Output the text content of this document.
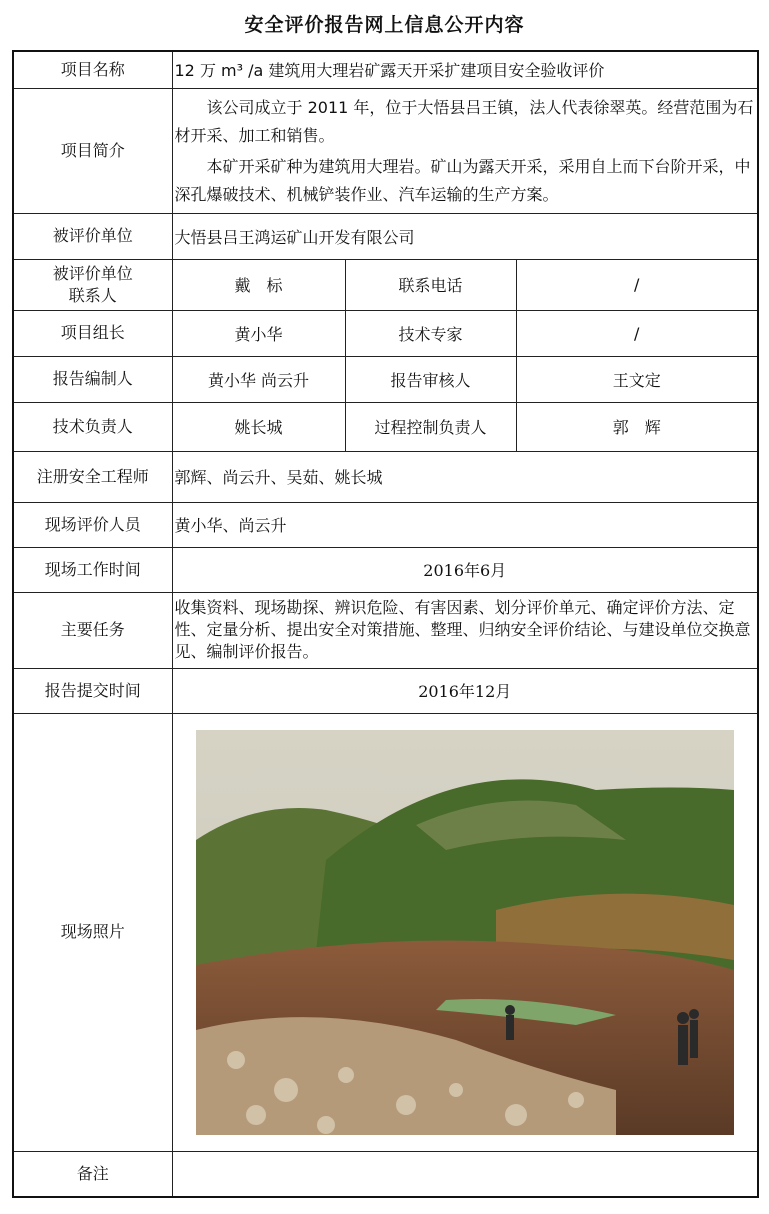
安全评价报告网上信息公开内容
项目名称	12 万 m³ /a 建筑用大理岩矿露天开采扩建项目安全验收评价		
项目简介	该公司成立于 2011 年，位于大悟县吕王镇，法人代表徐翠英。经营范围为石材开采、加工和销售。

本矿开采矿种为建筑用大理岩。矿山为露天开采，采用自上而下台阶开采，中深孔爆破技术、机械铲装作业、汽车运输的生产方案。		

被评价单位	大悟县吕王鸿运矿山开发有限公司		

被评价单位
联系人	戴　标	联系电话	/
项目组长	黄小华	技术专家	/
报告编制人	黄小华 尚云升	报告审核人	王文定
技术负责人	姚长城	过程控制负责人	郭　辉
注册安全工程师	郭辉、尚云升、吴茹、姚长城		
现场评价人员	黄小华、尚云升		
现场工作时间	2016年6月		
主要任务	收集资料、现场勘探、辨识危险、有害因素、划分评价单元、确定评价方法、定性、定量分析、提出安全对策措施、整理、归纳安全评价结论、与建设单位交换意见、编制评价报告。		
报告提交时间	2016年12月		
现场照片	

备注			
